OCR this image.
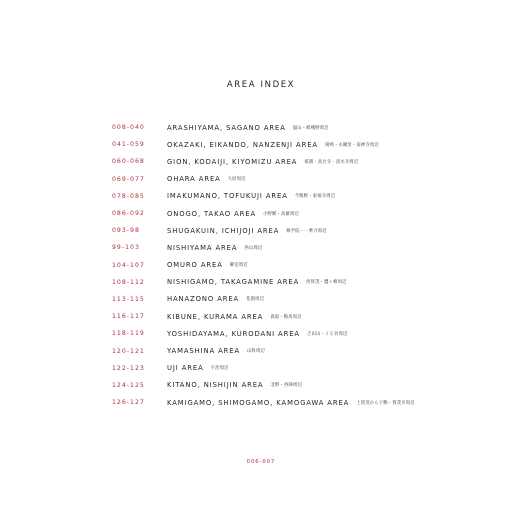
AREA INDEX
008-040	ARASHIYAMA, SAGANO AREA 嵐山・嵯峨野周辺
041-059	OKAZAKI, EIKANDO, NANZENJI AREA 岡崎・永観堂・南禅寺周辺
060-068	GION, KODAIJI, KIYOMIZU AREA 祇園・高台寺・清水寺周辺
069-077	OHARA AREA 大原周辺
078-085	IMAKUMANO, TOFUKUJI AREA 今熊野・東福寺周辺
086-092	ONOGO, TAKAO AREA 小野郷・高雄周辺
093-98	SHUGAKUIN, ICHIJOJI AREA 修学院・一乗寺周辺
99-103	NISHIYAMA AREA 西山周辺
104-107	OMURO AREA 御室周辺
108-112	NISHIGAMO, TAKAGAMINE AREA 西賀茂・鷹ヶ峰周辺
113-115	HANAZONO AREA 花園周辺
116-117	KIBUNE, KURAMA AREA 貴船・鞍馬周辺
118-119	YOSHIDAYAMA, KURODANI AREA 吉田山・くろ谷周辺
120-121	YAMASHINA AREA 山科周辺
122-123	UJI AREA 宇治周辺
124-125	KITANO, NISHIJIN AREA 北野・西陣周辺
126-127	KAMIGAMO, SHIMOGAMO, KAMOGAWA AREA 上賀茂から下鴨・賀茂川周辺
006-007
